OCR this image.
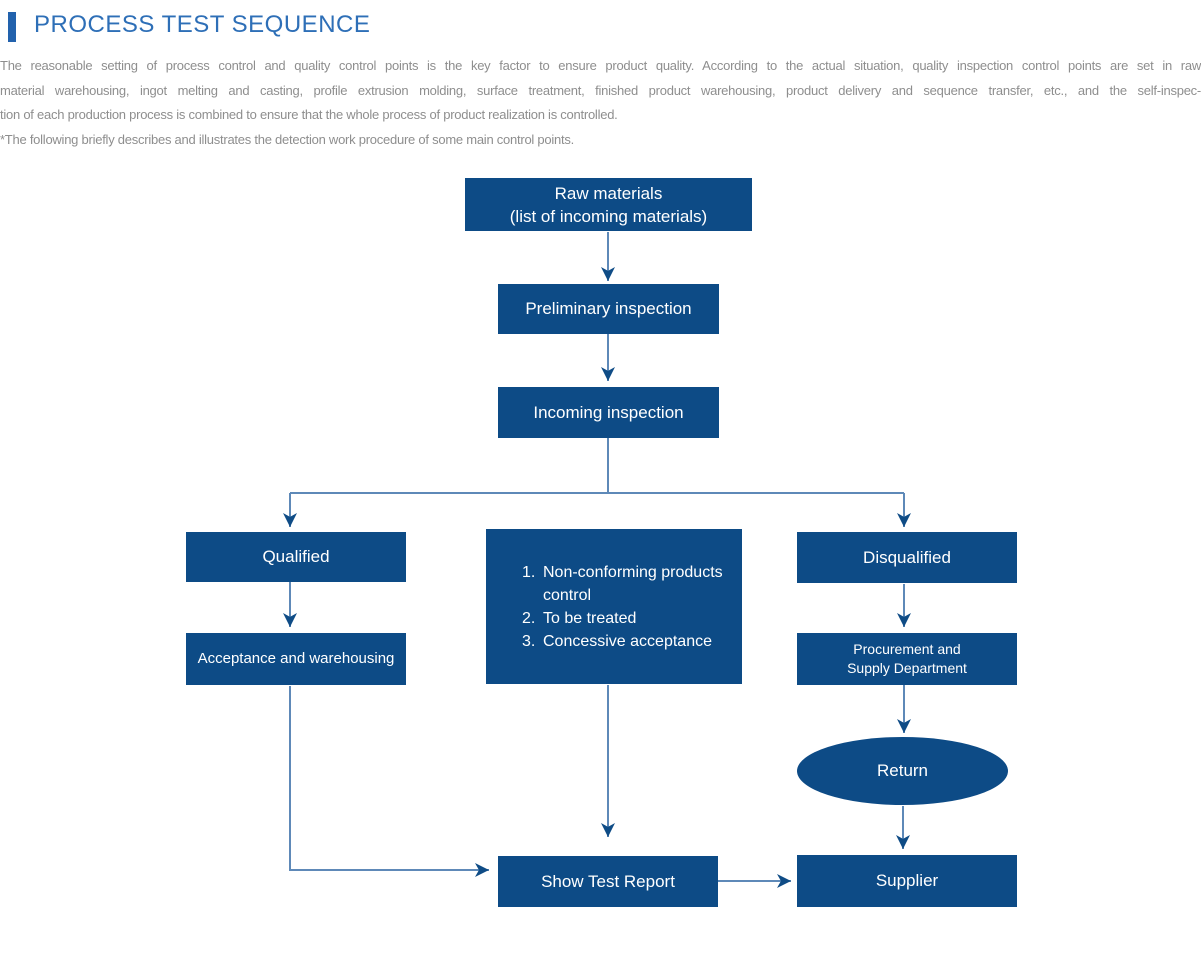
PROCESS TEST SEQUENCE
The reasonable setting of process control and quality control points is the key factor to ensure product quality. According to the actual situation, quality inspection control points are set in raw
material warehousing, ingot melting and casting, profile extrusion molding, surface treatment, finished product warehousing, product delivery and sequence transfer, etc., and the self-inspec-
tion of each production process is combined to ensure that the whole process of product realization is controlled.
*The following briefly describes and illustrates the detection work procedure of some main control points.
Raw materials
(list of incoming materials)
Preliminary inspection
Incoming inspection
Qualified
Acceptance and warehousing
1. Non-conforming products control
2. To be treated
3. Concessive acceptance
Disqualified
Procurement and
Supply Department
Return
Show Test Report	Supplier
